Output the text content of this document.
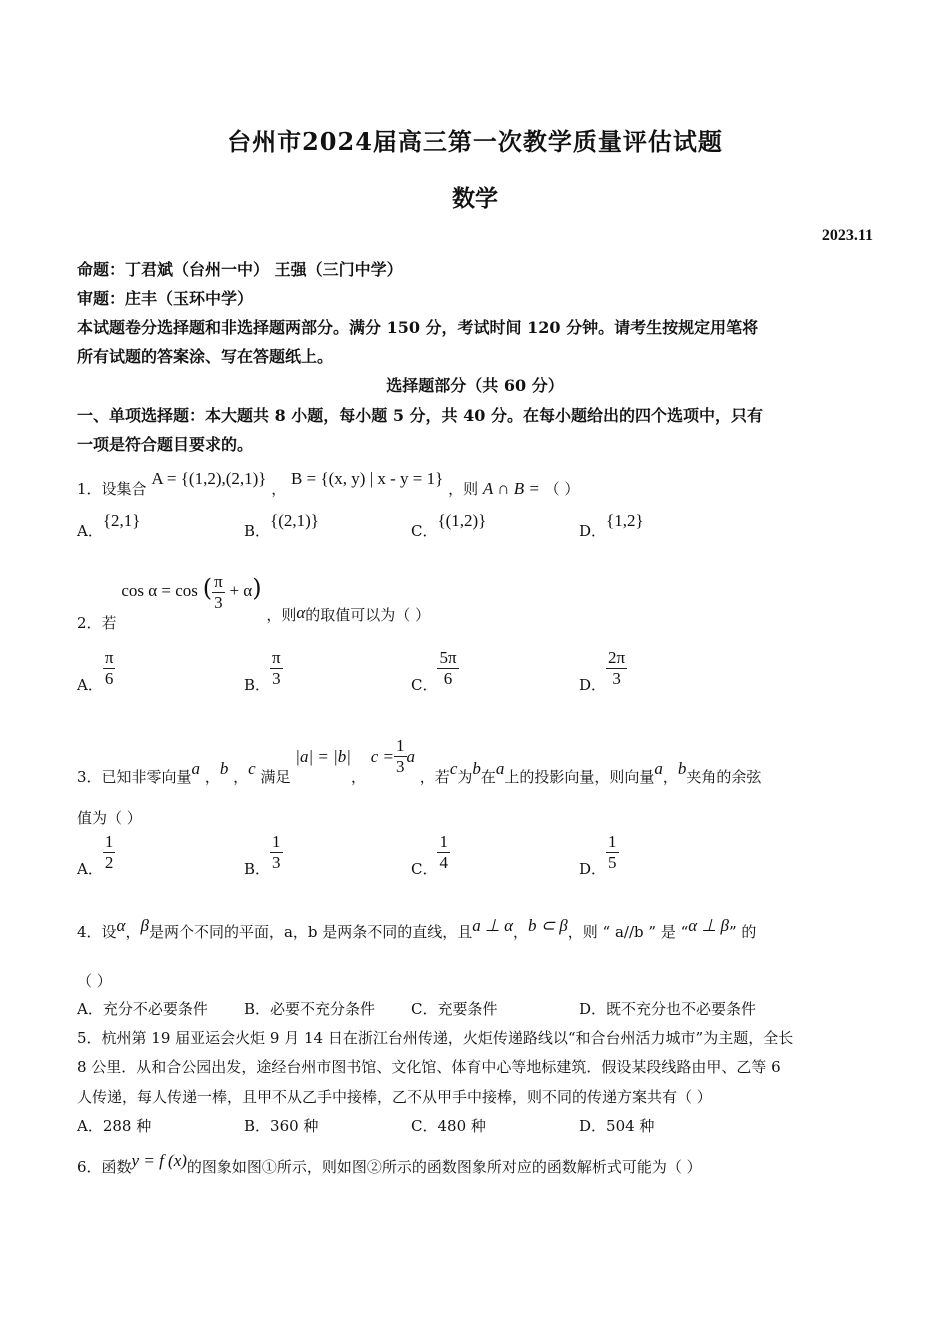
台州市2024届高三第一次教学质量评估试题
数学
2023.11
命题：丁君斌（台州一中） 王强（三门中学）
审题：庄丰（玉环中学）
本试题卷分选择题和非选择题两部分。满分 150 分，考试时间 120 分钟。请考生按规定用笔将
所有试题的答案涂、写在答题纸上。
选择题部分（共 60 分）
一、单项选择题：本大题共 8 小题，每小题 5 分，共 40 分。在每小题给出的四个选项中，只有
一项是符合题目要求的。
1．设集合 A = {(1,2),(2,1)} ， B = {(x, y) | x - y = 1} ，则 A ∩ B = （ ）
A．{2,1}
B．{(2,1)}
C．{(1,2)}
D．{1,2}
2．若 cos α = cos ( $\frac{\pi}{3} + \alpha$) ，则α的取值可以为（ ）
A． $\frac{\pi}{6}$	B． $\frac{\pi}{3}$	C． $\frac{5\pi}{6}$	D． $\frac{2\pi}{3}$
3．已知非零向量a ，b ，c 满足 |a| = |b|， $c = \frac{1}{3}$ a ，若c为b在a上的投影向量，则向量a，b夹角的余弦
值为（ ）
A． $\frac{1}{2}$	B． $\frac{1}{3}$	C． $\frac{1}{4}$	D． $\frac{1}{5}$
4．设α，β是两个不同的平面，a，b 是两条不同的直线，且a ⊥ α，b ⊂ β，则 “ a//b ” 是 “α ⊥ β” 的
（ ）
A．充分不必要条件 B．必要不充分条件 C．充要条件	D．既不充分也不必要条件
5．杭州第 19 届亚运会火炬 9 月 14 日在浙江台州传递，火炬传递路线以“和合台州活力城市”为主题，全长
8 公里．从和合公园出发，途经台州市图书馆、文化馆、体育中心等地标建筑．假设某段线路由甲、乙等 6
人传递，每人传递一棒，且甲不从乙手中接棒，乙不从甲手中接棒，则不同的传递方案共有（ ）
A．288 种	B．360 种	C．480 种	D．504 种
6．函数y = f (x)的图象如图①所示，则如图②所示的函数图象所对应的函数解析式可能为（ ）
